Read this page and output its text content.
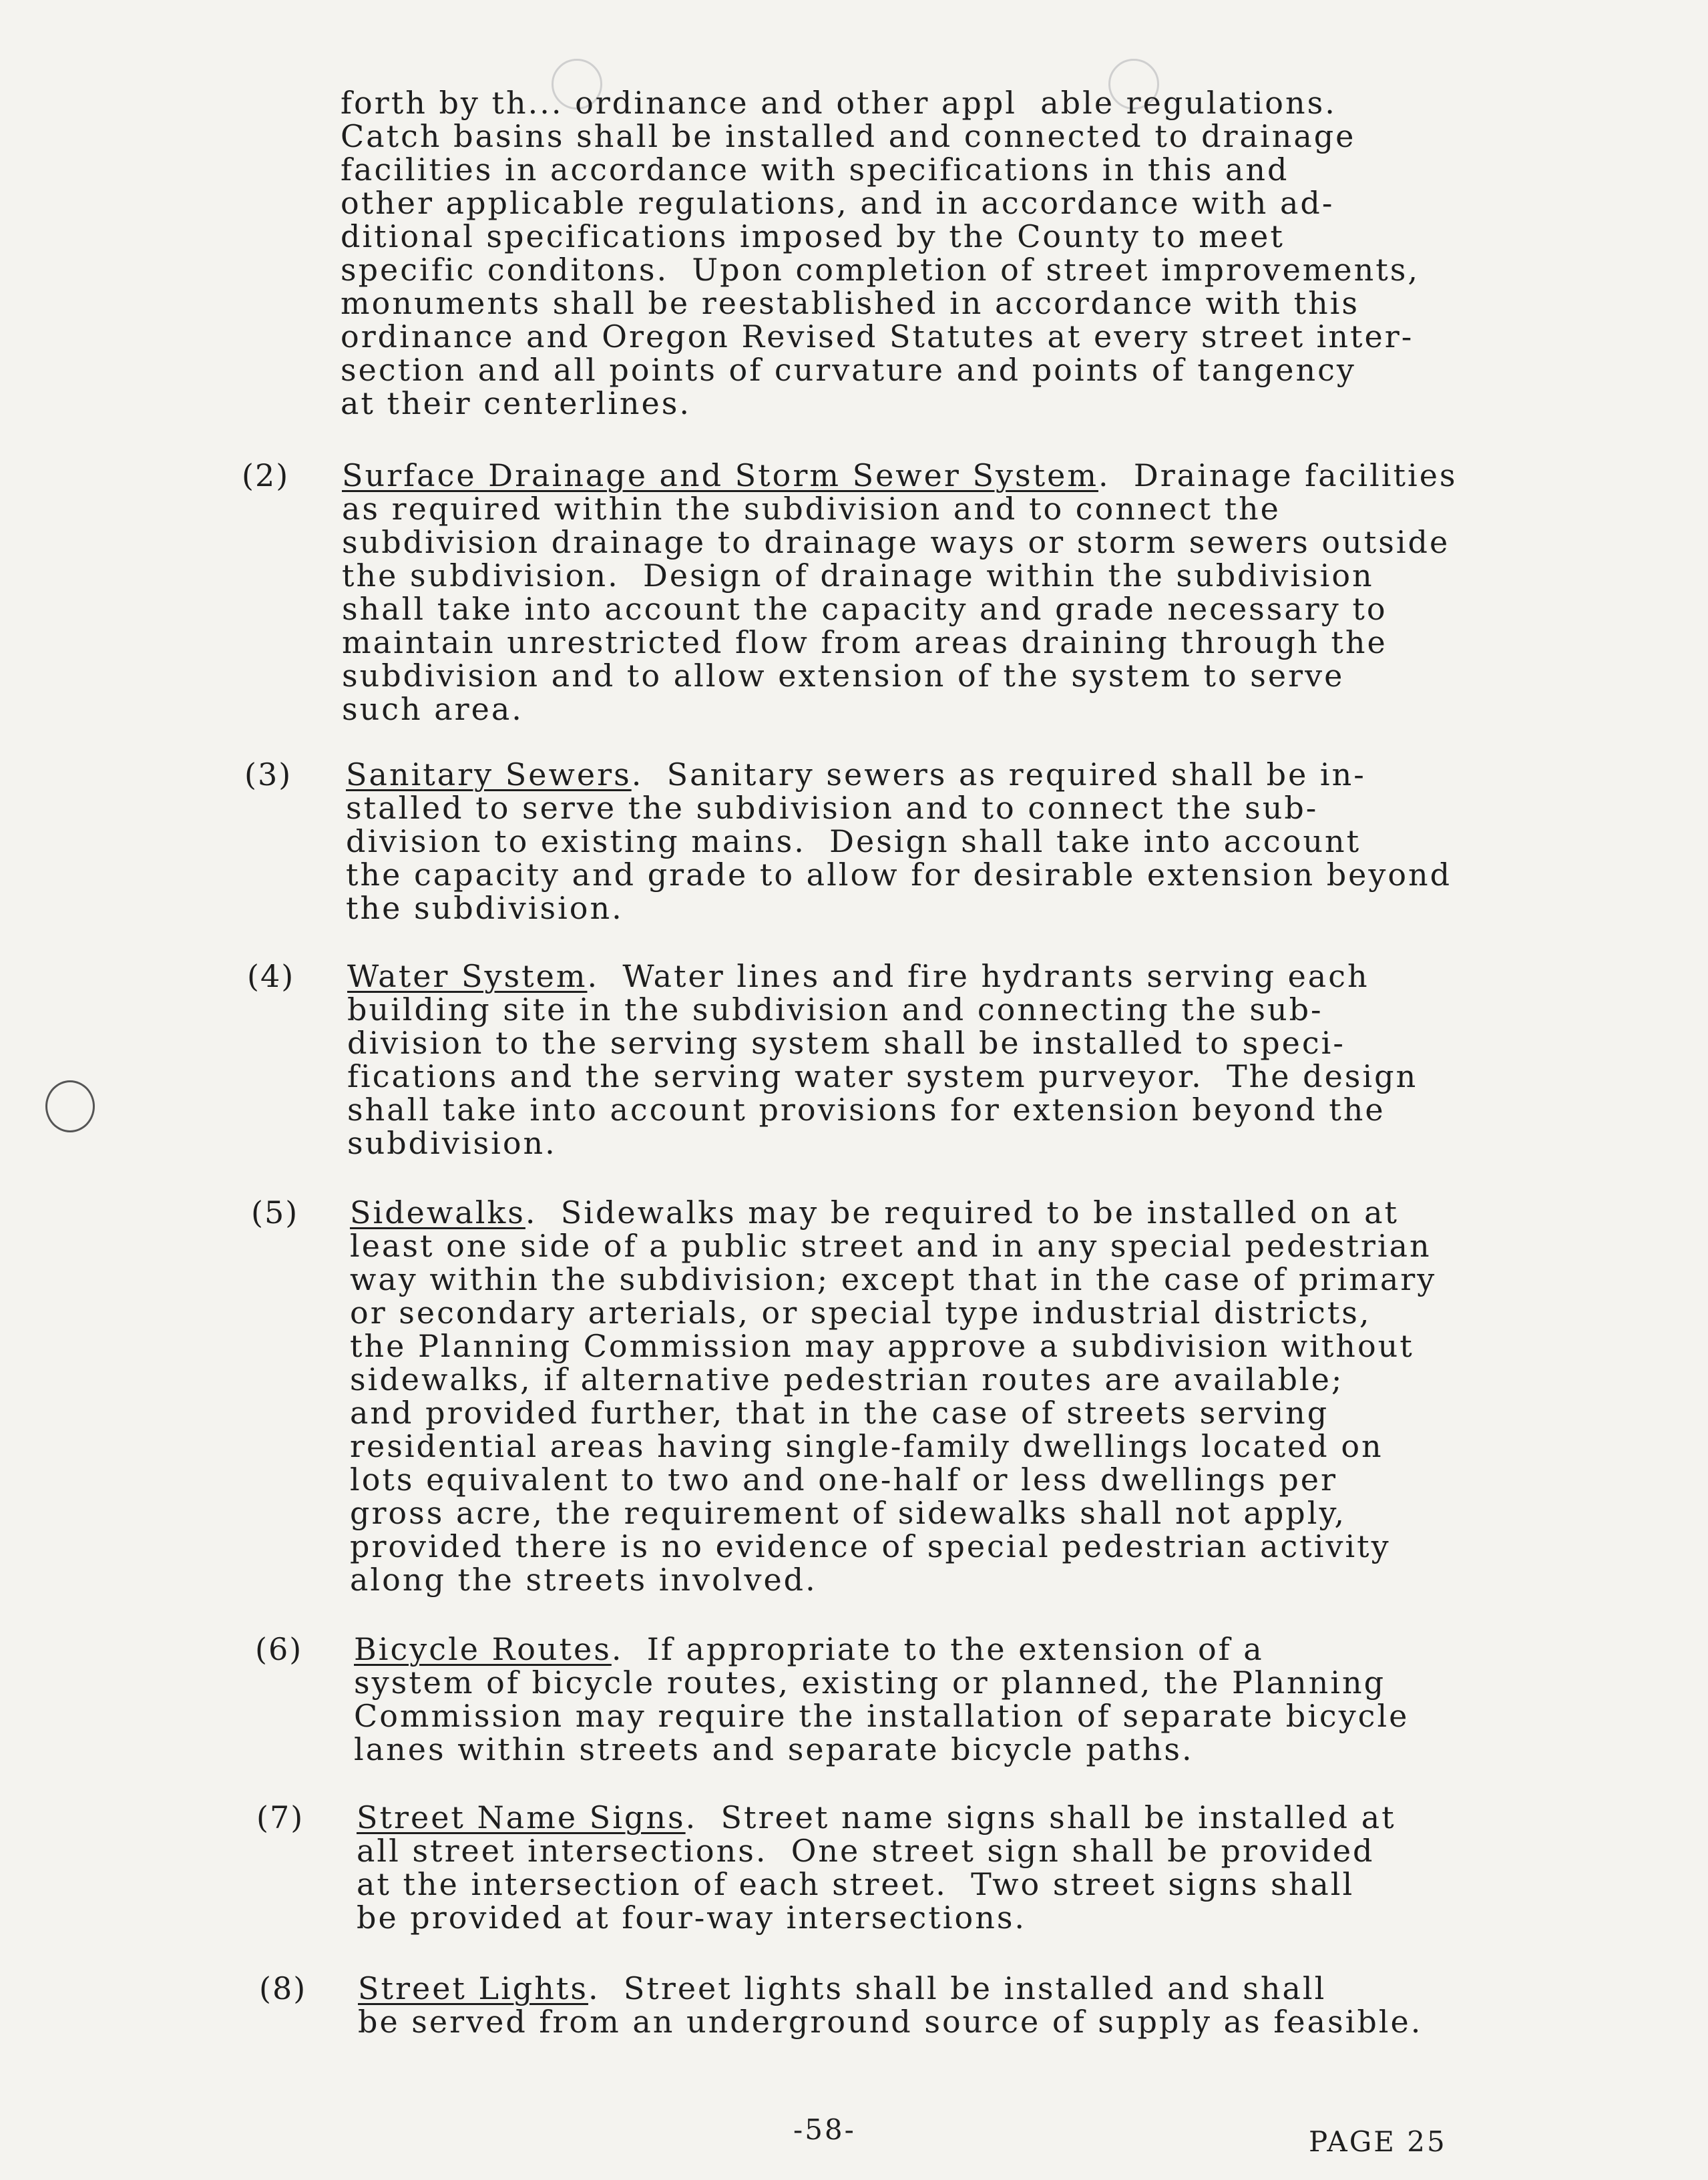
forth by th... ordinance and other appl  able regulations.
Catch basins shall be installed and connected to drainage
facilities in accordance with specifications in this and
other applicable regulations, and in accordance with ad-
ditional specifications imposed by the County to meet
specific conditons.  Upon completion of street improvements,
monuments shall be reestablished in accordance with this
ordinance and Oregon Revised Statutes at every street inter-
section and all points of curvature and points of tangency
at their centerlines.
(2) Surface Drainage and Storm Sewer System.  Drainage facilities
as required within the subdivision and to connect the
subdivision drainage to drainage ways or storm sewers outside
the subdivision.  Design of drainage within the subdivision
shall take into account the capacity and grade necessary to
maintain unrestricted flow from areas draining through the
subdivision and to allow extension of the system to serve
such area.
(3) Sanitary Sewers.  Sanitary sewers as required shall be in-
stalled to serve the subdivision and to connect the sub-
division to existing mains.  Design shall take into account
the capacity and grade to allow for desirable extension beyond
the subdivision.
(4) Water System.  Water lines and fire hydrants serving each
building site in the subdivision and connecting the sub-
division to the serving system shall be installed to speci-
fications and the serving water system purveyor.  The design
shall take into account provisions for extension beyond the
subdivision.
(5) Sidewalks.  Sidewalks may be required to be installed on at
least one side of a public street and in any special pedestrian
way within the subdivision; except that in the case of primary
or secondary arterials, or special type industrial districts,
the Planning Commission may approve a subdivision without
sidewalks, if alternative pedestrian routes are available;
and provided further, that in the case of streets serving
residential areas having single-family dwellings located on
lots equivalent to two and one-half or less dwellings per
gross acre, the requirement of sidewalks shall not apply,
provided there is no evidence of special pedestrian activity
along the streets involved.
(6) Bicycle Routes.  If appropriate to the extension of a
system of bicycle routes, existing or planned, the Planning
Commission may require the installation of separate bicycle
lanes within streets and separate bicycle paths.
(7) Street Name Signs.  Street name signs shall be installed at
all street intersections.  One street sign shall be provided
at the intersection of each street.  Two street signs shall
be provided at four-way intersections.
(8) Street Lights.  Street lights shall be installed and shall
be served from an underground source of supply as feasible.
-58-	PAGE 25
